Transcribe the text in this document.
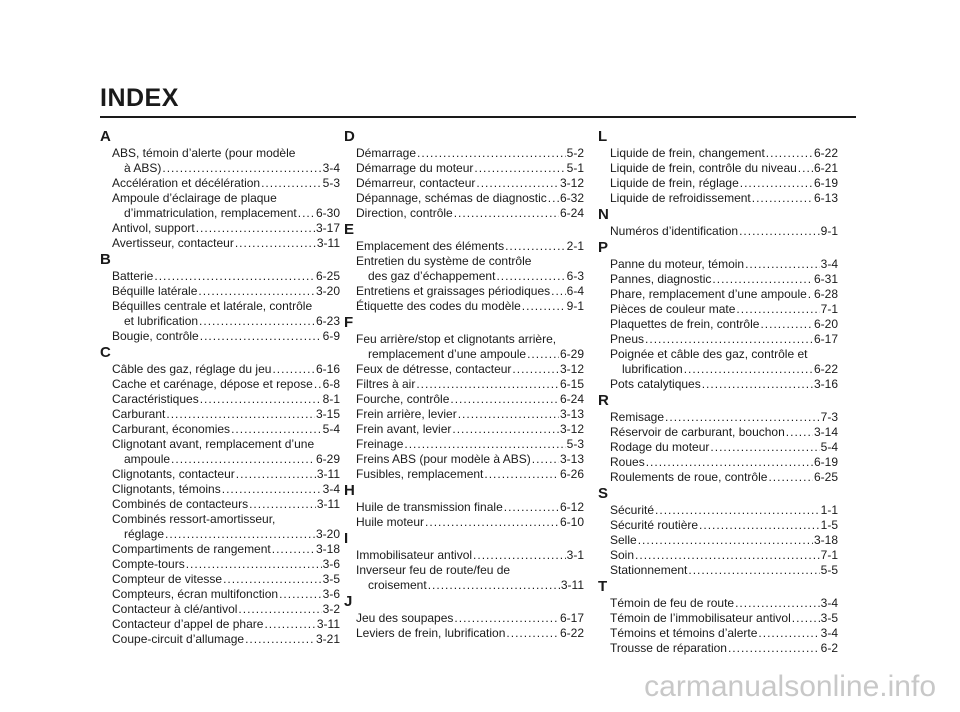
INDEX
A
ABS, témoin d’alerte (pour modèle
à ABS) .....	3-4
Accélération et décélération .....	5-3
Ampoule d’éclairage de plaque
d’immatriculation, remplacement ..... 6-30
Antivol, support .....	3-17
Avertisseur, contacteur .....	3-11
B
Batterie .....	6-25
Béquille latérale .....	3-20
Béquilles centrale et latérale, contrôle
et lubrification .....	6-23
Bougie, contrôle .....	6-9
C
Câble des gaz, réglage du jeu .....	6-16
Cache et carénage, dépose et repose ..... 6-8
Caractéristiques .....	8-1
Carburant .....	3-15
Carburant, économies .....	5-4
Clignotant avant, remplacement d’une
ampoule .....	6-29
Clignotants, contacteur .....	3-11
Clignotants, témoins .....	3-4
Combinés de contacteurs .....	3-11
Combinés ressort-amortisseur,
réglage .....	3-20
Compartiments de rangement .....	3-18
Compte-tours .....	3-6
Compteur de vitesse .....	3-5
Compteurs, écran multifonction .....	3-6
Contacteur à clé/antivol .....	3-2
Contacteur d’appel de phare .....	3-11
Coupe-circuit d’allumage .....	3-21
D
Démarrage .....	5-2
Démarrage du moteur .....	5-1
Démarreur, contacteur .....	3-12
Dépannage, schémas de diagnostic ..... 6-32
Direction, contrôle .....	6-24
E
Emplacement des éléments .....	2-1
Entretien du système de contrôle
des gaz d’échappement .....	6-3
Entretiens et graissages périodiques ..... 6-4
Étiquette des codes du modèle .....	9-1
F
Feu arrière/stop et clignotants arrière,
remplacement d’une ampoule .....	6-29
Feux de détresse, contacteur .....	3-12
Filtres à air .....	6-15
Fourche, contrôle .....	6-24
Frein arrière, levier .....	3-13
Frein avant, levier .....	3-12
Freinage .....	5-3
Freins ABS (pour modèle à ABS) ..... 3-13
Fusibles, remplacement .....	6-26
H
Huile de transmission finale .....	6-12
Huile moteur .....	6-10
I
Immobilisateur antivol .....	3-1
Inverseur feu de route/feu de
croisement .....	3-11
J
Jeu des soupapes .....	6-17
Leviers de frein, lubrification .....	6-22
L
Liquide de frein, changement .....	6-22
Liquide de frein, contrôle du niveau ..... 6-21
Liquide de frein, réglage .....	6-19
Liquide de refroidissement .....	6-13
N
Numéros d’identification .....	9-1
P
Panne du moteur, témoin .....	3-4
Pannes, diagnostic .....	6-31
Phare, remplacement d’une ampoule ..... 6-28
Pièces de couleur mate .....	7-1
Plaquettes de frein, contrôle .....	6-20
Pneus .....	6-17
Poignée et câble des gaz, contrôle et
lubrification .....	6-22
Pots catalytiques .....	3-16
R
Remisage .....	7-3
Réservoir de carburant, bouchon ..... 3-14
Rodage du moteur .....	5-4
Roues .....	6-19
Roulements de roue, contrôle .....	6-25
S
Sécurité .....	1-1
Sécurité routière .....	1-5
Selle .....	3-18
Soin .....	7-1
Stationnement .....	5-5
T
Témoin de feu de route .....	3-4
Témoin de l’immobilisateur antivol ..... 3-5
Témoins et témoins d’alerte .....	3-4
Trousse de réparation .....	6-2
carmanualsonline.info
